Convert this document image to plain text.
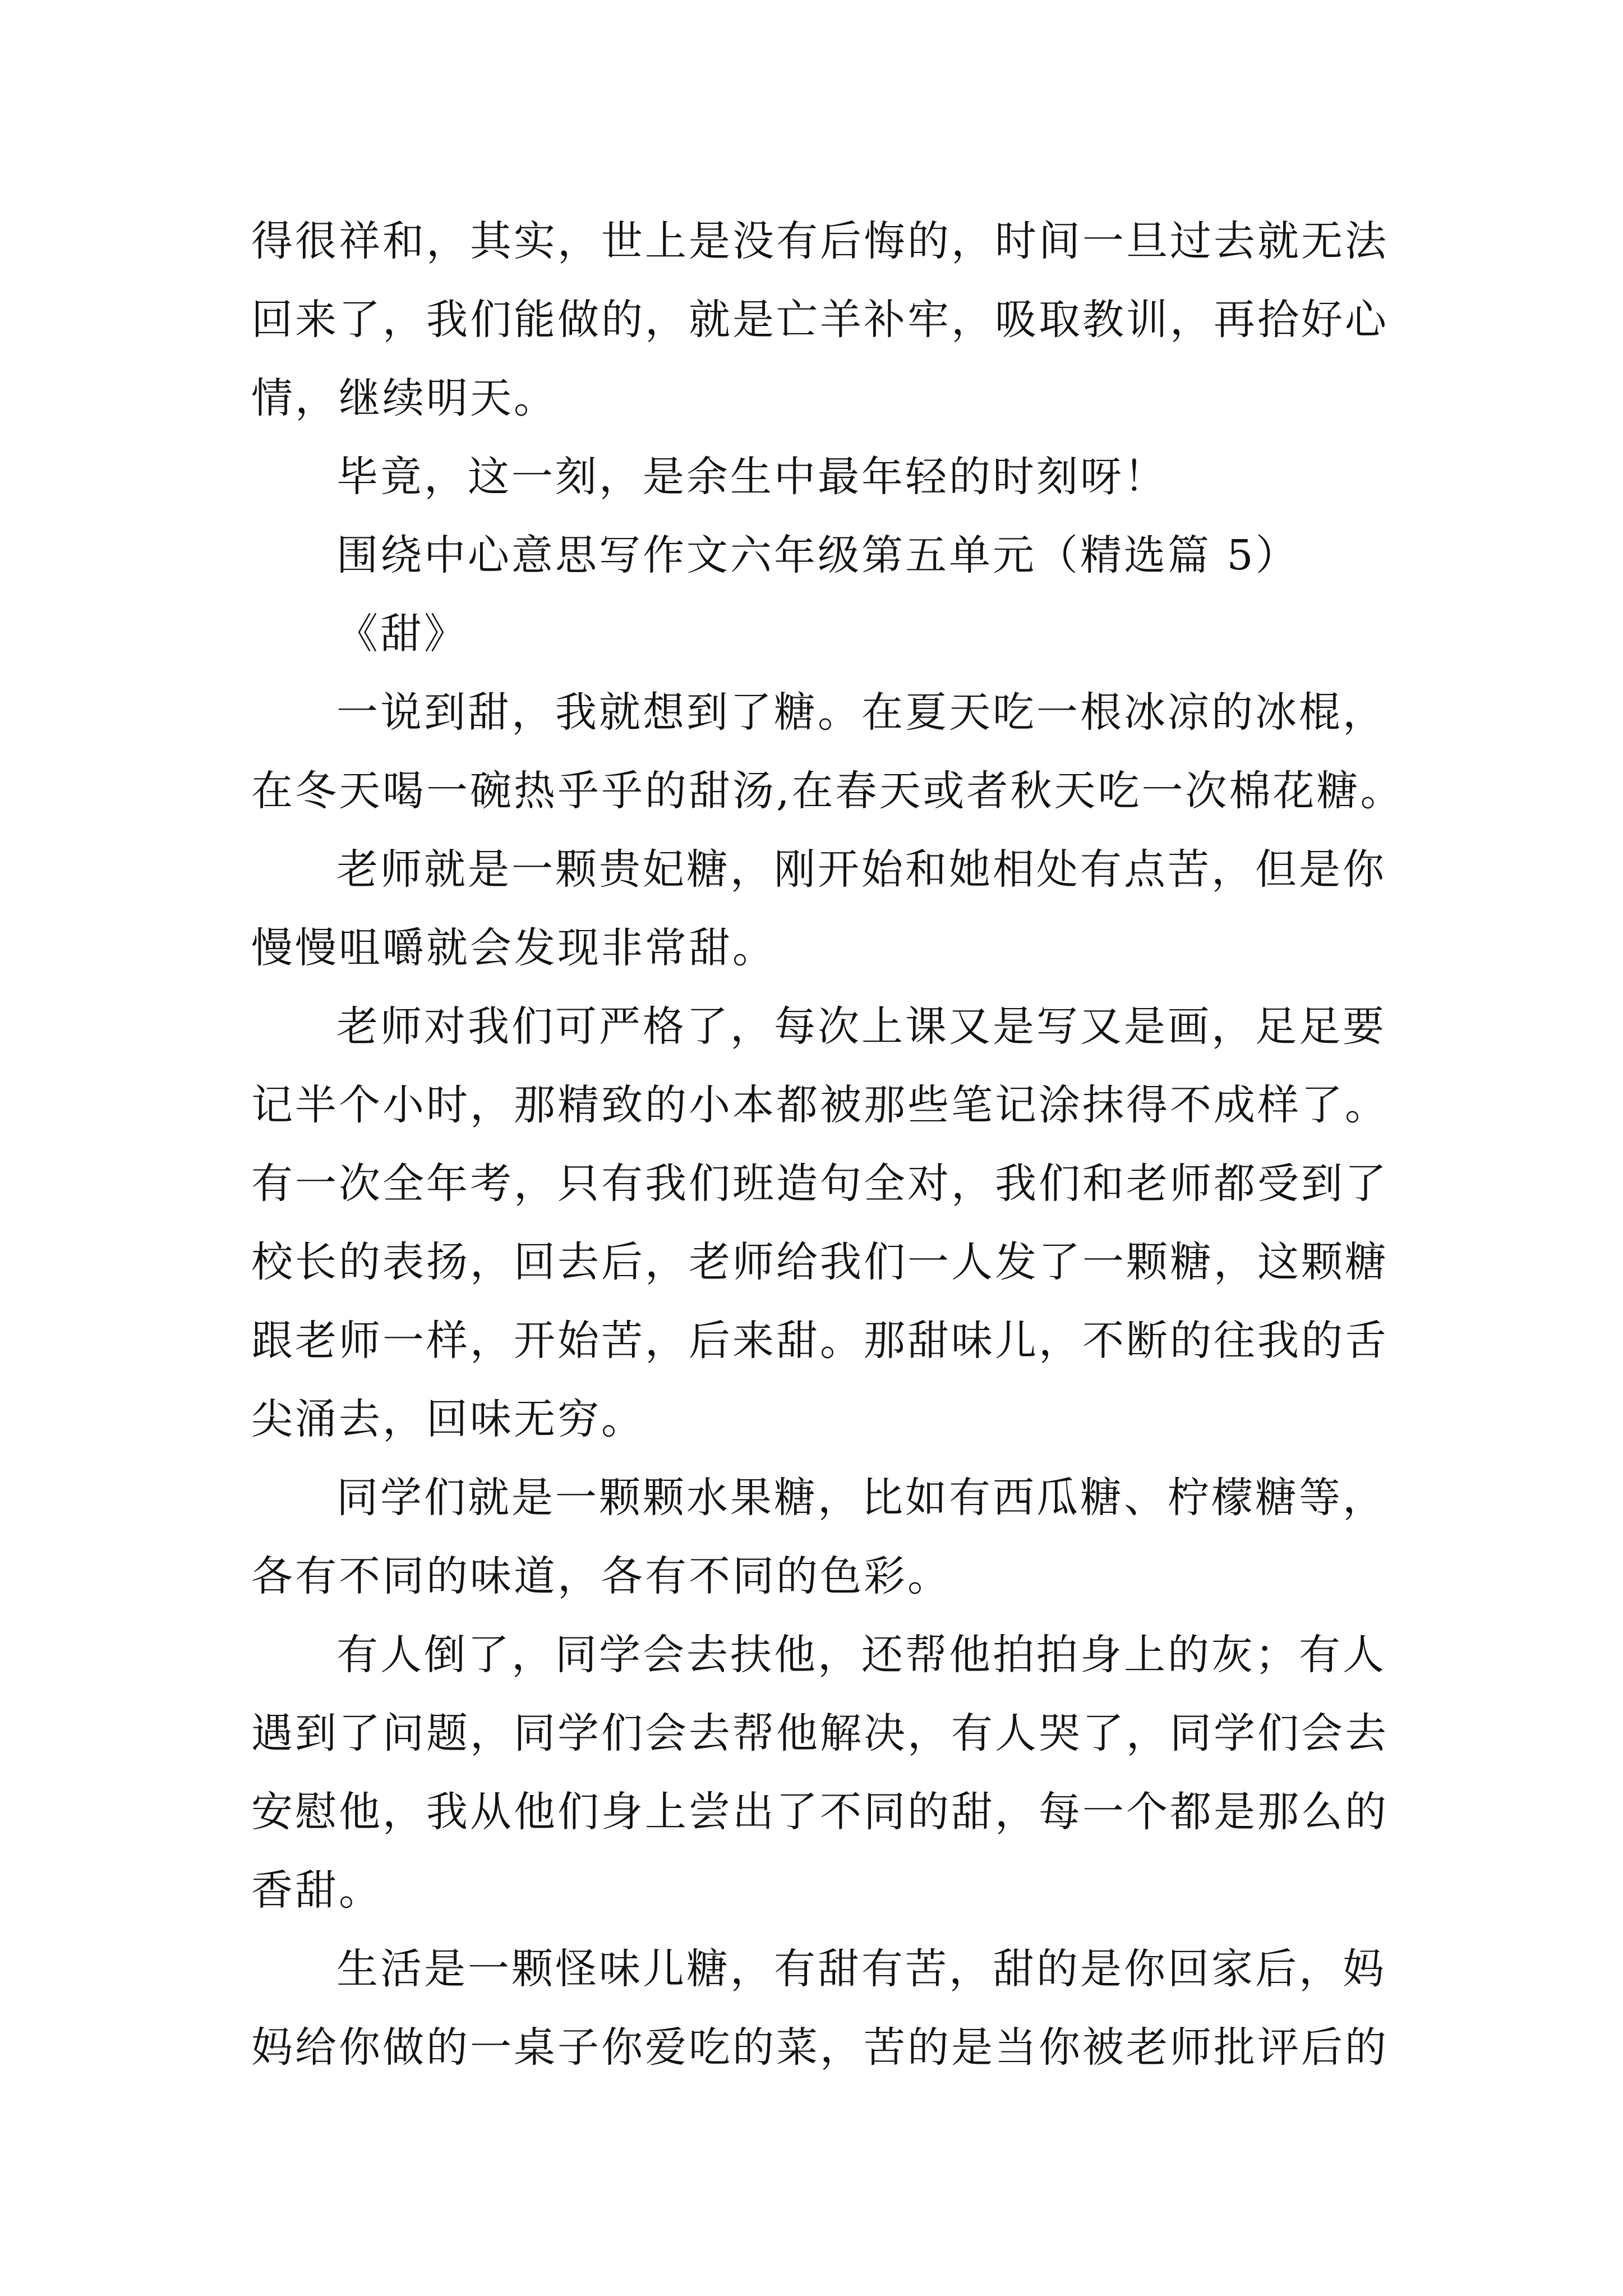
得很祥和，其实，世上是没有后悔的，时间一旦过去就无法
回来了，我们能做的，就是亡羊补牢，吸取教训，再拾好心
情，继续明天。
毕竟，这一刻，是余生中最年轻的时刻呀！
围绕中心意思写作文六年级第五单元（精选篇 5）
《甜》
一说到甜，我就想到了糖。在夏天吃一根冰凉的冰棍，
在冬天喝一碗热乎乎的甜汤,在春天或者秋天吃一次棉花糖。
老师就是一颗贵妃糖，刚开始和她相处有点苦，但是你
慢慢咀嚼就会发现非常甜。
老师对我们可严格了，每次上课又是写又是画，足足要
记半个小时，那精致的小本都被那些笔记涂抹得不成样了。
有一次全年考，只有我们班造句全对，我们和老师都受到了
校长的表扬，回去后，老师给我们一人发了一颗糖，这颗糖
跟老师一样，开始苦，后来甜。那甜味儿，不断的往我的舌
尖涌去，回味无穷。
同学们就是一颗颗水果糖，比如有西瓜糖、柠檬糖等，
各有不同的味道，各有不同的色彩。
有人倒了，同学会去扶他，还帮他拍拍身上的灰；有人
遇到了问题，同学们会去帮他解决，有人哭了，同学们会去
安慰他，我从他们身上尝出了不同的甜，每一个都是那么的
香甜。
生活是一颗怪味儿糖，有甜有苦，甜的是你回家后，妈
妈给你做的一桌子你爱吃的菜，苦的是当你被老师批评后的
